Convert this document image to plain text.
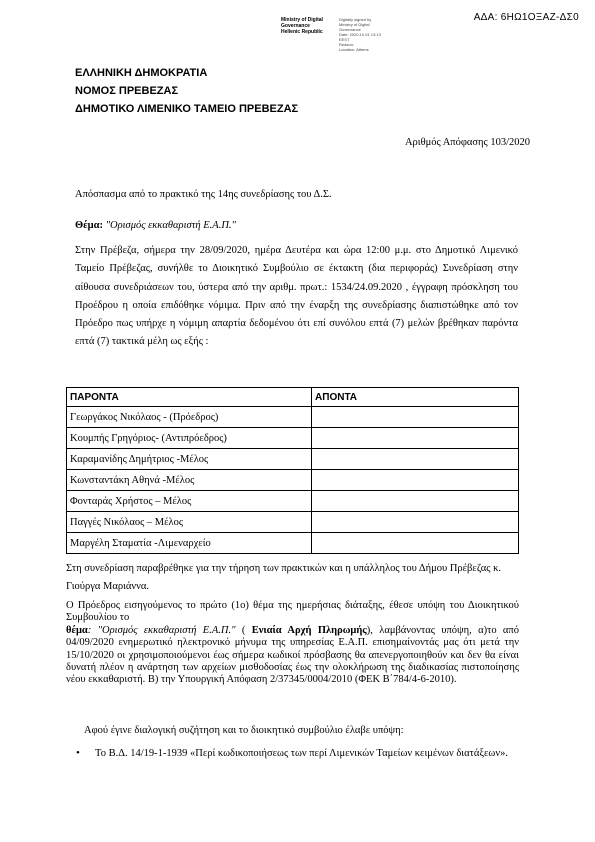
ΑΔΑ: 6ΗΩ1ΟΞΑΖ-ΔΣ0
Ministry of Digital
Governance
Hellenic Republic
Digitally signed by
Ministry of Digital
Governance
Date: 2020.10.01 13:13
EEST
Reason:
Location: Athens
ΕΛΛΗΝΙΚΗ ΔΗΜΟΚΡΑΤΙΑ
ΝΟΜΟΣ ΠΡΕΒΕΖΑΣ
ΔΗΜΟΤΙΚΟ ΛΙΜΕΝΙΚΟ ΤΑΜΕΙΟ ΠΡΕΒΕΖΑΣ
Αριθμός Απόφασης 103/2020
Απόσπασμα από το πρακτικό της 14ης συνεδρίασης του Δ.Σ.
Θέμα: "Ορισμός εκκαθαριστή Ε.Α.Π."
Στην Πρέβεζα, σήμερα την 28/09/2020, ημέρα Δευτέρα και ώρα 12:00 μ.μ. στο Δημοτικό Λιμενικό Ταμείο Πρέβεζας, συνήλθε το Διοικητικό Συμβούλιο σε έκτακτη (δια περιφοράς) Συνεδρίαση στην αίθουσα συνεδριάσεων του, ύστερα από την αριθμ. πρωτ.: 1534/24.09.2020 , έγγραφη πρόσκληση του Προέδρου η οποία επιδόθηκε νόμιμα. Πριν από την έναρξη της συνεδρίασης διαπιστώθηκε από τον Πρόεδρο πως υπήρχε η νόμιμη απαρτία δεδομένου ότι επί συνόλου επτά (7) μελών βρέθηκαν παρόντα επτά (7) τακτικά μέλη ως εξής :
ΠΑΡΟΝΤΑ	ΑΠΟΝΤΑ
Γεωργάκος Νικόλαος - (Πρόεδρος)	
Κουμπής Γρηγόριος- (Αντιπρόεδρος)	
Καραμανίδης Δημήτριος -Μέλος	
Κωνσταντάκη Αθηνά -Μέλος	
Φονταράς Χρήστος – Μέλος	
Παγγές Νικόλαος – Μέλος	
Μαργέλη Σταματία -Λιμεναρχείο	
Στη συνεδρίαση παραβρέθηκε για την τήρηση των πρακτικών και η υπάλληλος του Δήμου Πρέβεζας κ. Γιούργα Μαριάννα.
Ο Πρόεδρος εισηγούμενος το πρώτο (1ο) θέμα της ημερήσιας διάταξης, έθεσε υπόψη του Διοικητικού Συμβουλίου το
θέμα: "Ορισμός εκκαθαριστή Ε.Α.Π." ( Ενιαία Αρχή Πληρωμής), λαμβάνοντας υπόψη, α)το από 04/09/2020 ενημερωτικό ηλεκτρονικό μήνυμα της υπηρεσίας Ε.Α.Π. επισημαίνοντάς μας ότι μετά την 15/10/2020 οι χρησιμοποιούμενοι έως σήμερα κωδικοί πρόσβασης θα απενεργοποιηθούν και δεν θα είναι δυνατή πλέον η ανάρτηση των αρχείων μισθοδοσίας έως την ολοκλήρωση της διαδικασίας πιστοποίησης νέου εκκαθαριστή. Β) την Υπουργική Απόφαση 2/37345/0004/2010 (ΦΕΚ Β΄784/4-6-2010).
Αφού έγινε διαλογική συζήτηση και το διοικητικό συμβούλιο έλαβε υπόψη:
• Το Β.Δ. 14/19-1-1939 «Περί κωδικοποιήσεως των περί Λιμενικών Ταμείων κειμένων διατάξεων».
